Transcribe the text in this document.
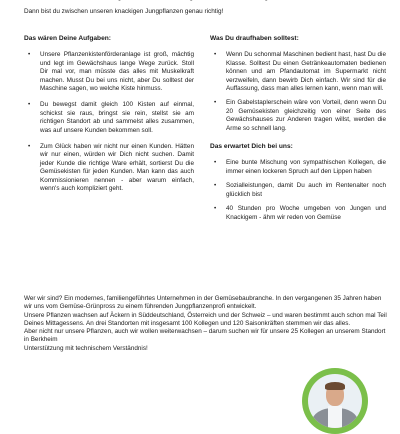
Dann bist du zwischen unseren knackigen Jungpflanzen genau richtig!
Das wären Deine Aufgaben:
• Unsere Pflanzenkistenförderanlage ist groß, mächtig und legt im Gewächshaus lange Wege zurück. Stoll Dir mal vor, man müsste das alles mit Muskelkraft machen. Musst Du bei uns nicht, aber Du solltest der Maschine sagen, wo welche Kiste hinmuss.
• Du bewegst damit gleich 100 Kisten auf einmal, schickst sie raus, bringst sie rein, stellst sie am richtigen Standort ab und sammelst alles zusammen, was auf unsere Kunden bekommen soll.
• Zum Glück haben wir nicht nur einen Kunden. Hätten wir nur einen, würden wir Dich nicht suchen. Damit jeder Kunde die richtige Ware erhält, sortierst Du die Gemüsekisten für jeden Kunden. Man kann das auch Kommissionieren nennen - aber warum einfach, wenn's auch kompliziert geht.
Was Du draufhaben solltest:
• Wenn Du schonmal Maschinen bedient hast, hast Du die Klasse. Solltest Du einen Getränkeautomaten bedienen können und am Pfandautomat im Supermarkt nicht verzweifeln, dann bewirb Dich einfach. Wir sind für die Auffassung, dass man alles lernen kann, wenn man will.
• Ein Gabelstaplerschein wäre von Vorteil, denn wenn Du 20 Gemüsekisten gleichzeitig von einer Seite des Gewächshauses zur Anderen tragen willst, werden die Arme so schnell lang.
Das erwartet Dich bei uns:
• Eine bunte Mischung von sympathischen Kollegen, die immer einen lockeren Spruch auf den Lippen haben
• Sozialleistungen, damit Du auch im Rentenalter noch glücklich bist
• 40 Stunden pro Woche umgeben von Jungen und Knackigem - ähm wir reden von Gemüse

Wer wir sind? Ein modernes, familiengeführtes Unternehmen in der Gemüsebaubranche. In den vergangenen 35 Jahren haben wir uns vom Gemüse-Grünpross zu einem führenden Jungpflanzenprofi entwickelt.

Unsere Pflanzen wachsen auf Äckern in Süddeutschland, Österreich und der Schweiz – und waren bestimmt auch schon mal Teil Deines Mittagessens. An drei Standorten mit insgesamt 100 Kollegen und 120 Saisonkräften stemmen wir das alles.

Aber nicht nur unsere Pflanzen, auch wir wollen weiterwachsen – darum suchen wir für unsere 25 Kollegen an unserem Standort in Berkheim

Unterstützung mit technischem Verständnis!
